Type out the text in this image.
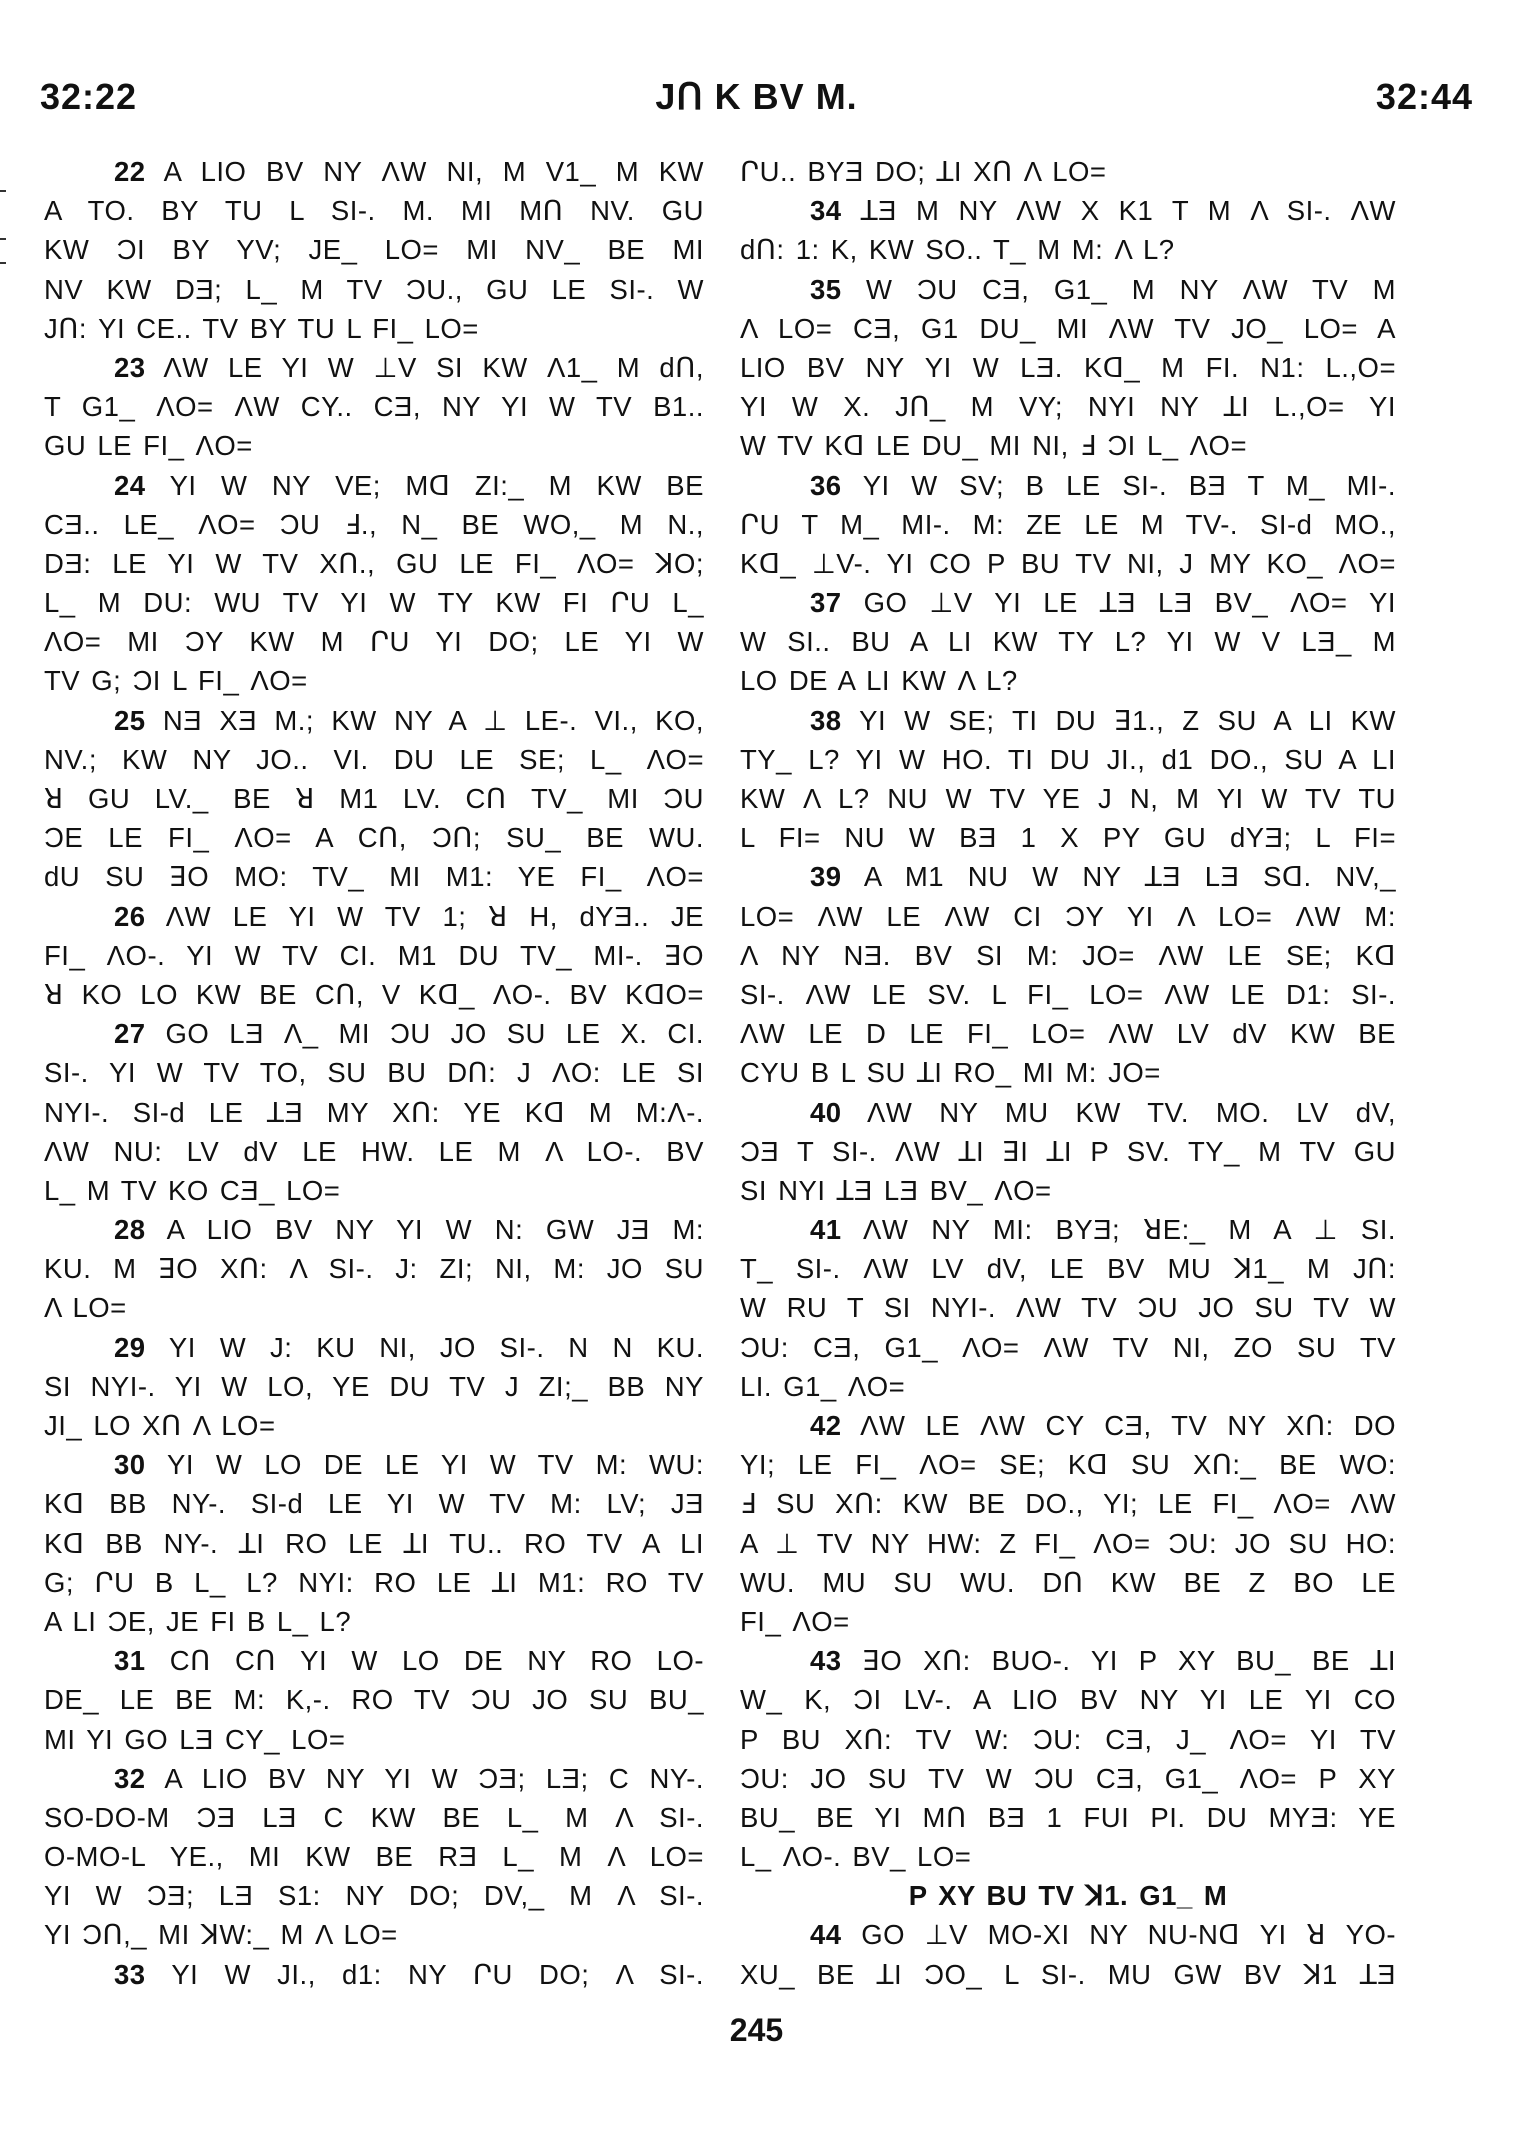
32:22	JՈ K BV M.	32:44
22 A LIO BV NY ΛW NI, M V1_ M KW
A TO. BY TU L SI-. M. MI MՈ NV. GU
KW ƆI BY YV; JE_ LO= MI NV_ BE MI
NV KW DƎ; L_ M TV ƆU., GU LE SI-. W
JՈ: YI CE.. TV BY TU L FI_ LO=
23 ΛW LE YI W ⊥V SI KW Λ1_ M dՈ,
T G1_ ΛO= ΛW CY.. CƎ, NY YI W TV B1..
GU LE FI_ ΛO=
24 YI W NY VE; Mꓷ ZI:_ M KW BE
CƎ.. LE_ ΛO= ƆU Ⅎ., N_ BE WO,_ M N.,
DƎ: LE YI W TV XՈ., GU LE FI_ ΛO= ꓘO;
L_ M DU: WU TV YI W TY KW FI ՐU L_
ΛO= MI ƆY KW M ՐU YI DO; LE YI W
TV G; ƆI L FI_ ΛO=
25 NƎ XƎ M.; KW NY A ⊥ LE-. VI., KO,
NV.; KW NY JO.. VI. DU LE SE; L_ ΛO=
ꓤ GU LV._ BE ꓤ M1 LV. CՈ TV_ MI ƆU
ƆE LE FI_ ΛO= A CՈ, ƆՈ; SU_ BE WU.
dU SU ꓱO MO: TV_ MI M1: YE FI_ ΛO=
26 ΛW LE YI W TV 1; ꓤ H, dYƎ.. JE
FI_ ΛO-. YI W TV CI. M1 DU TV_ MI-. ꓱO
ꓤ KO LO KW BE CՈ, V Kꓷ_ ΛO-. BV KꓷO=
27 GO LƎ Λ_ MI ƆU JO SU LE X. CI.
SI-. YI W TV TO, SU BU DՈ: J ΛO: LE SI
NYI-. SI-d LE ꓕƎ MY XՈ: YE Kꓷ M M:Λ-.
ΛW NU: LV dV LE HW. LE M Λ LO-. BV
L_ M TV KO CƎ_ LO=
28 A LIO BV NY YI W N: GW JƎ M:
KU. M ꓱO XՈ: Λ SI-. J: ZI; NI, M: JO SU
Λ LO=
29 YI W J: KU NI, JO SI-. N N KU.
SI NYI-. YI W LO, YE DU TV J ZI;_ BB NY
JI_ LO XՈ Λ LO=
30 YI W LO DE LE YI W TV M: WU:
Kꓷ BB NY-. SI-d LE YI W TV M: LV; JƎ
Kꓷ BB NY-. ꓕI RO LE ꓕI TU.. RO TV A LI
G; ՐU B L_ L? NYI: RO LE ꓕI M1: RO TV
A LI ƆE, JE FI B L_ L?
31 CՈ CՈ YI W LO DE NY RO LO-
DE_ LE BE M: K,-. RO TV ƆU JO SU BU_
MI YI GO LƎ CY_ LO=
32 A LIO BV NY YI W ƆƎ; LƎ; C NY-.
SO-DO-M ƆƎ LƎ C KW BE L_ M Λ SI-.
O-MO-L YE., MI KW BE RƎ L_ M Λ LO=
YI W ƆƎ; LƎ S1: NY DO; DV,_ M Λ SI-.
YI ƆՈ,_ MI ꓘW:_ M Λ LO=
33 YI W JI., d1: NY ՐU DO; Λ SI-.
ՐU.. BYƎ DO; ꓕI XՈ Λ LO=
34 ꓕƎ M NY ΛW X K1 T M Λ SI-. ΛW
dՈ: 1: K, KW SO.. T_ M M: Λ L?
35 W ƆU CƎ, G1_ M NY ΛW TV M
Λ LO= CƎ, G1 DU_ MI ΛW TV JO_ LO= A
LIO BV NY YI W LƎ. Kꓷ_ M FI. N1: L.,O=
YI W X. JՈ_ M VY; NYI NY ꓕI L.,O= YI
W TV Kꓷ LE DU_ MI NI, Ⅎ ƆI L_ ΛO=
36 YI W SV; B LE SI-. BƎ T M_ MI-.
ՐU T M_ MI-. M: ZE LE M TV-. SI-d MO.,
Kꓷ_ ⊥V-. YI CO P BU TV NI, J MY KO_ ΛO=
37 GO ⊥V YI LE ꓕƎ LƎ BV_ ΛO= YI
W SI.. BU A LI KW TY L? YI W V LƎ_ M
LO DE A LI KW Λ L?
38 YI W SE; TI DU ꓱ1., Z SU A LI KW
TY_ L? YI W HO. TI DU JI., d1 DO., SU A LI
KW Λ L? NU W TV YE J N, M YI W TV TU
L FI= NU W BƎ 1 X PY GU dYƎ; L FI=
39 A M1 NU W NY ꓕƎ LƎ Sꓷ. NV,_
LO= ΛW LE ΛW CI ƆY YI Λ LO= ΛW M:
Λ NY NƎ. BV SI M: JO= ΛW LE SE; Kꓷ
SI-. ΛW LE SV. L FI_ LO= ΛW LE D1: SI-.
ΛW LE D LE FI_ LO= ΛW LV dV KW BE
CYU B L SU ꓕI RO_ MI M: JO=
40 ΛW NY MU KW TV. MO. LV dV,
ƆƎ T SI-. ΛW ꓕI ꓱI ꓕI P SV. TY_ M TV GU
SI NYI ꓕƎ LƎ BV_ ΛO=
41 ΛW NY MI: BYƎ; ꓤE:_ M A ⊥ SI.
T_ SI-. ΛW LV dV, LE BV MU ꓘ1_ M JՈ:
W RU T SI NYI-. ΛW TV ƆU JO SU TV W
ƆU: CƎ, G1_ ΛO= ΛW TV NI, ZO SU TV
LI. G1_ ΛO=
42 ΛW LE ΛW CY CƎ, TV NY XՈ: DO
YI; LE FI_ ΛO= SE; Kꓷ SU XՈ:_ BE WO:
Ⅎ SU XՈ: KW BE DO., YI; LE FI_ ΛO= ΛW
A ⊥ TV NY HW: Z FI_ ΛO= ƆU: JO SU HO:
WU. MU SU WU. DՈ KW BE Z BO LE
FI_ ΛO=
43 ꓱO XՈ: BUO-. YI P XY BU_ BE ꓕI
W_ K, ƆI LV-. A LIO BV NY YI LE YI CO
P BU XՈ: TV W: ƆU: CƎ, J_ ΛO= YI TV
ƆU: JO SU TV W ƆU CƎ, G1_ ΛO= P XY
BU_ BE YI MՈ BƎ 1 FUI PI. DU MYƎ: YE
L_ ΛO-. BV_ LO=
P XY BU TV ꓘ1. G1_ M
44 GO ⊥V MO-XI NY NU-Nꓷ YI ꓤ YO-
XU_ BE ꓕI ƆO_ L SI-. MU GW BV ꓘ1 ꓕƎ
245
